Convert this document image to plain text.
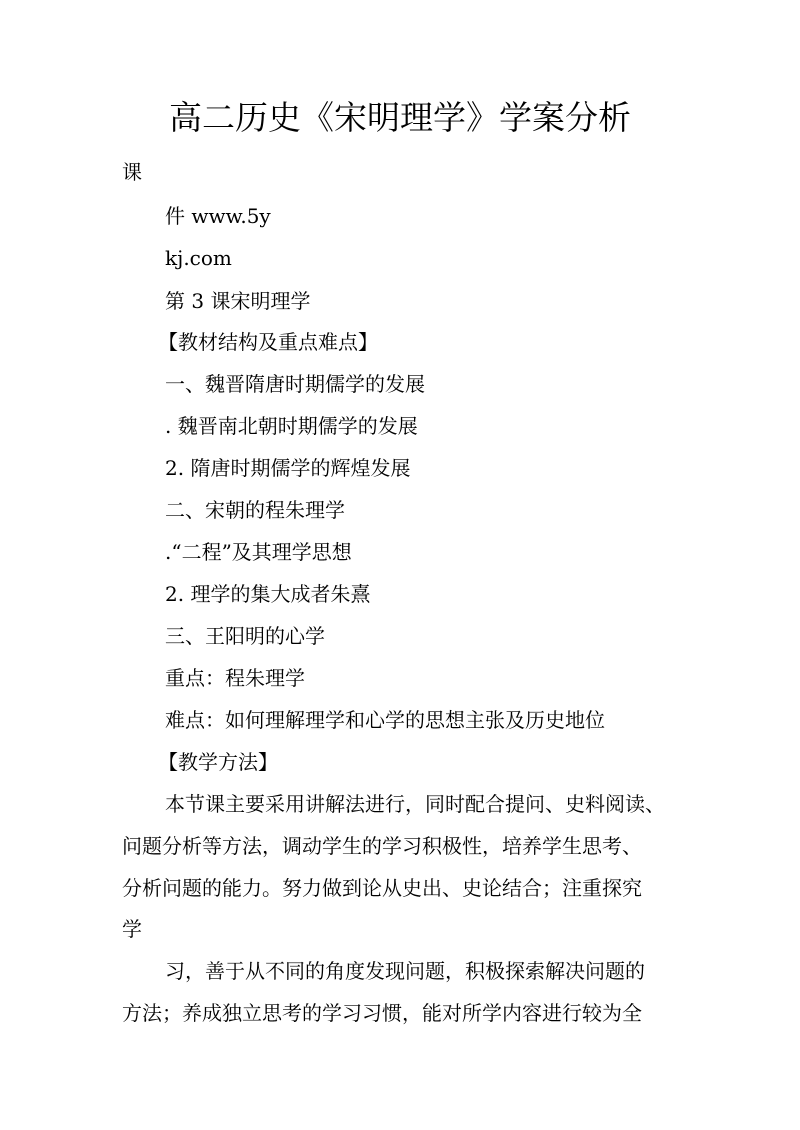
高二历史《宋明理学》学案分析
课
件 www.5y
kj.com
第 3 课宋明理学
【教材结构及重点难点】
一、魏晋隋唐时期儒学的发展
. 魏晋南北朝时期儒学的发展
2. 隋唐时期儒学的辉煌发展
二、宋朝的程朱理学
.“二程”及其理学思想
2. 理学的集大成者朱熹
三、王阳明的心学
重点：程朱理学
难点：如何理解理学和心学的思想主张及历史地位
【教学方法】
本节课主要采用讲解法进行，同时配合提问、史料阅读、
问题分析等方法，调动学生的学习积极性，培养学生思考、
分析问题的能力。努力做到论从史出、史论结合；注重探究
学
习，善于从不同的角度发现问题，积极探索解决问题的
方法；养成独立思考的学习习惯，能对所学内容进行较为全
